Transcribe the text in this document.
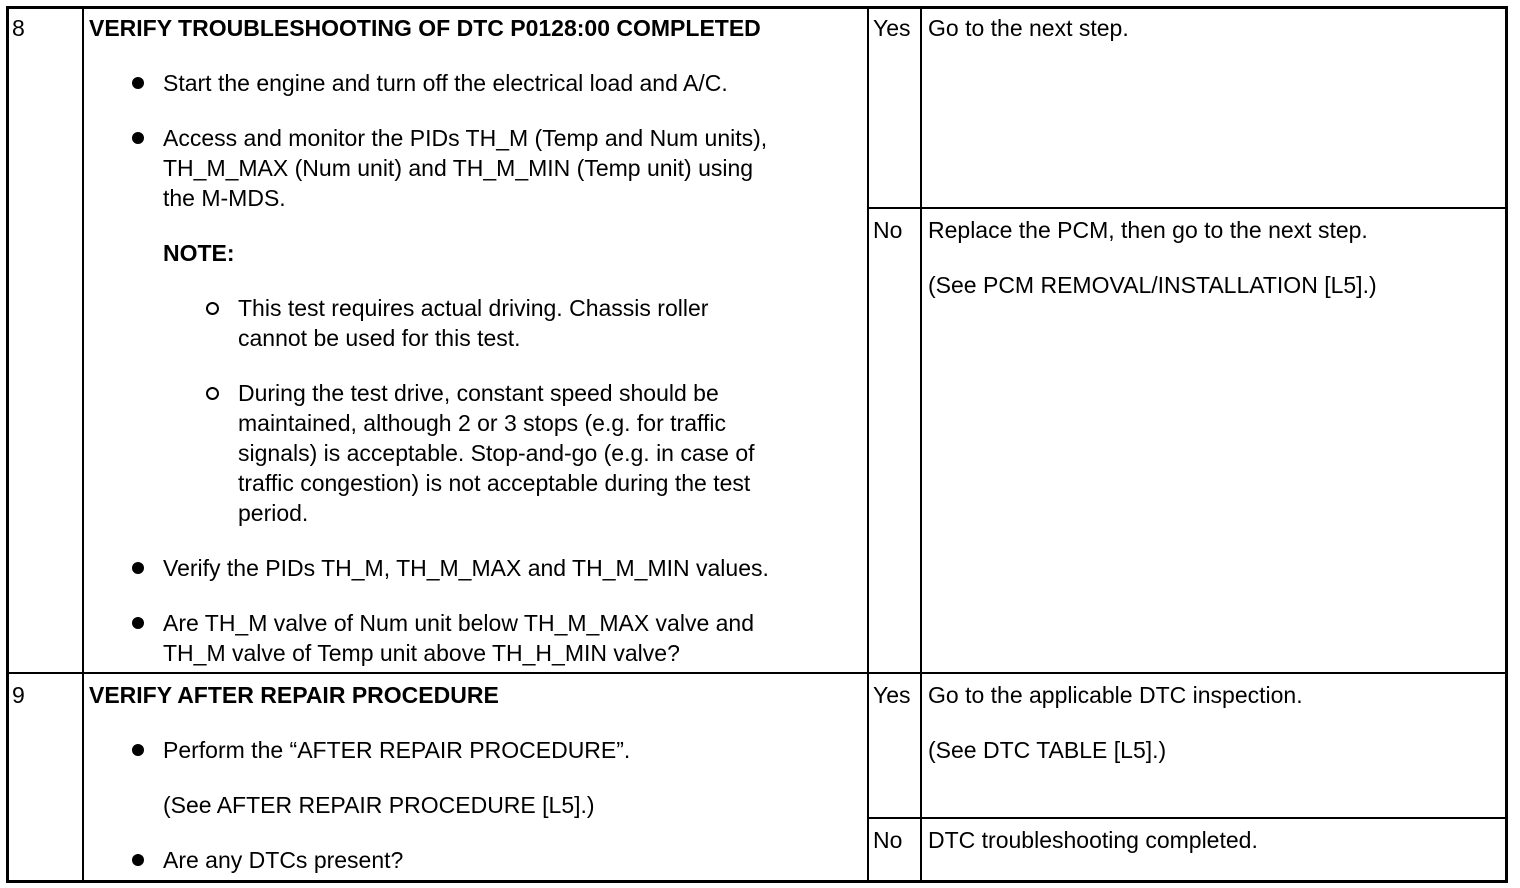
8	VERIFY TROUBLESHOOTING OF DTC P0128:00 COMPLETED
Start the engine and turn off the electrical load and A/C.
Access and monitor the PIDs TH_M (Temp and Num units),
TH_M_MAX (Num unit) and TH_M_MIN (Temp unit) using
the M-MDS.
NOTE:
This test requires actual driving. Chassis roller
cannot be used for this test.
During the test drive, constant speed should be
maintained, although 2 or 3 stops (e.g. for traffic
signals) is acceptable. Stop-and-go (e.g. in case of
traffic congestion) is not acceptable during the test
period.
Verify the PIDs TH_M, TH_M_MAX and TH_M_MIN values.
Are TH_M valve of Num unit below TH_M_MAX valve and
TH_M valve of Temp unit above TH_H_MIN valve?
Yes Go to the next step.
No Replace the PCM, then go to the next step.
(See PCM REMOVAL/INSTALLATION [L5].)
9	VERIFY AFTER REPAIR PROCEDURE
Perform the “AFTER REPAIR PROCEDURE”.
(See AFTER REPAIR PROCEDURE [L5].)
Are any DTCs present?
Yes Go to the applicable DTC inspection.
(See DTC TABLE [L5].)
No DTC troubleshooting completed.
